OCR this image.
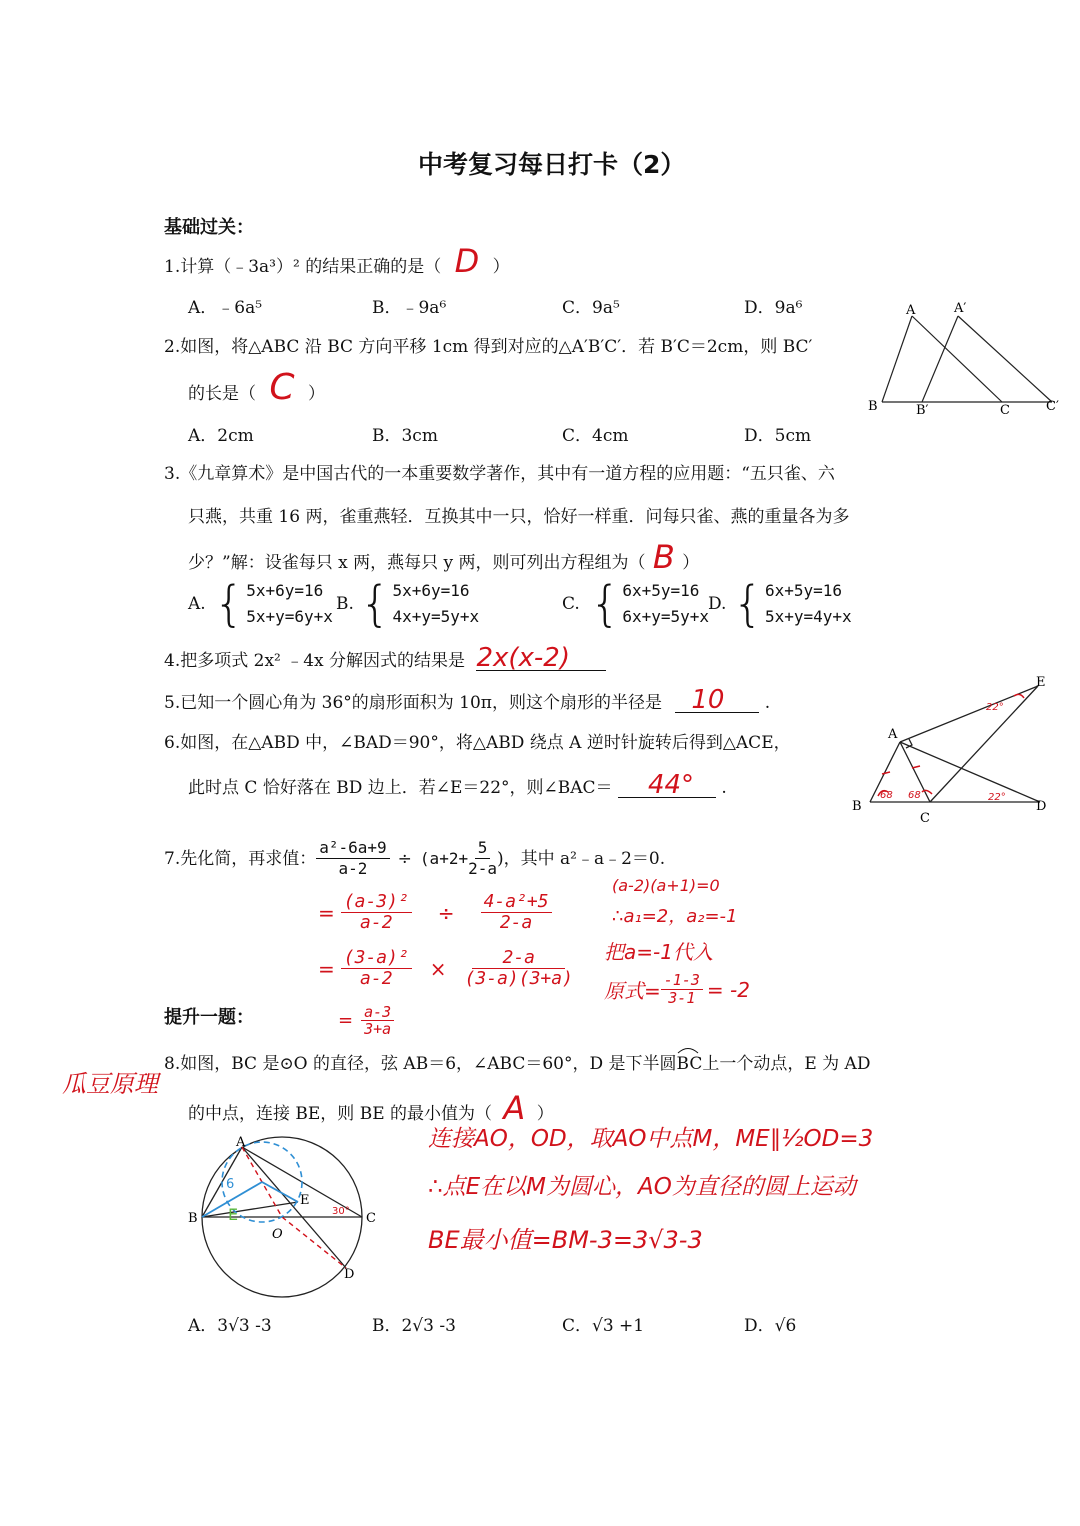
中考复习每日打卡（2）
基础过关：
1.计算（﹣3a³）² 的结果正确的是（ D ）
A．﹣6a⁵	B．﹣9a⁶	C．9a⁵	D．9a⁶
2.如图，将△ABC 沿 BC 方向平移 1cm 得到对应的△A′B′C′．若 B′C＝2cm，则 BC′
的长是（ C ）
A．2cm	B．3cm	C．4cm	D．5cm
A	A′
B	B′	C	C′
3.《九章算术》是中国古代的一本重要数学著作，其中有一道方程的应用题：“五只雀、六
只燕，共重 16 两，雀重燕轻．互换其中一只，恰好一样重．问每只雀、燕的重量各为多
少？”解：设雀每只 x 两，燕每只 y 两，则可列出方程组为（ B ）
A. { 5x+6y=16
5x+y=6y+x
B. { 5x+6y=16
4x+y=5y+x
C. { 6x+5y=16
6x+y=5y+x
D. { 6x+5y=16
5x+y=4y+x
4.把多项式 2x² ﹣4x 分解因式的结果是 2x(x-2)
5.已知一个圆心角为 36°的扇形面积为 10π，则这个扇形的半径是 10 .
6.如图，在△ABD 中，∠BAD＝90°，将△ABD 绕点 A 逆时针旋转后得到△ACE，
此时点 C 恰好落在 BD 边上．若∠E＝22°，则∠BAC＝ 44° .
A
B
C
D
E
22°
68 68	22°
7.先化简，再求值： $\frac{\text{a²-6a+9}}{a-2} \div (a+2+ \frac{5}{2-a}$ )，其中 a²﹣a﹣2＝0.
= $\frac{\text{(a-3)²}}{a-2} \div \frac{\text{4-a²+5}}{2-a}$
= $\frac{\text{(3-a)²}}{a-2} \times \frac{2-a}{(3-a)(3+a)}$
= $\frac{a-3}{3+a}$
(a-2)(a+1)=0
∴a₁=2，a₂=-1
把a=-1代入
原式= $\frac{-1-3}{3-1} = -2$
提升一题：
瓜豆原理
8.如图，BC 是⊙O 的直径，弦 AB＝6，∠ABC＝60°，D 是下半圆BC
上一个动点，E 为 AD
的中点，连接 BE，则 BE 的最小值为（ A ）
A
B	C
O
E
D
6
E	30°
连接AO，OD，取AO中点M，ME∥½OD=3
∴点E在以M为圆心，AO为直径的圆上运动
BE最小值=BM-3=3√3-3
A．3√3 -3	B．2√3 -3	C．√3 +1	D．√6
